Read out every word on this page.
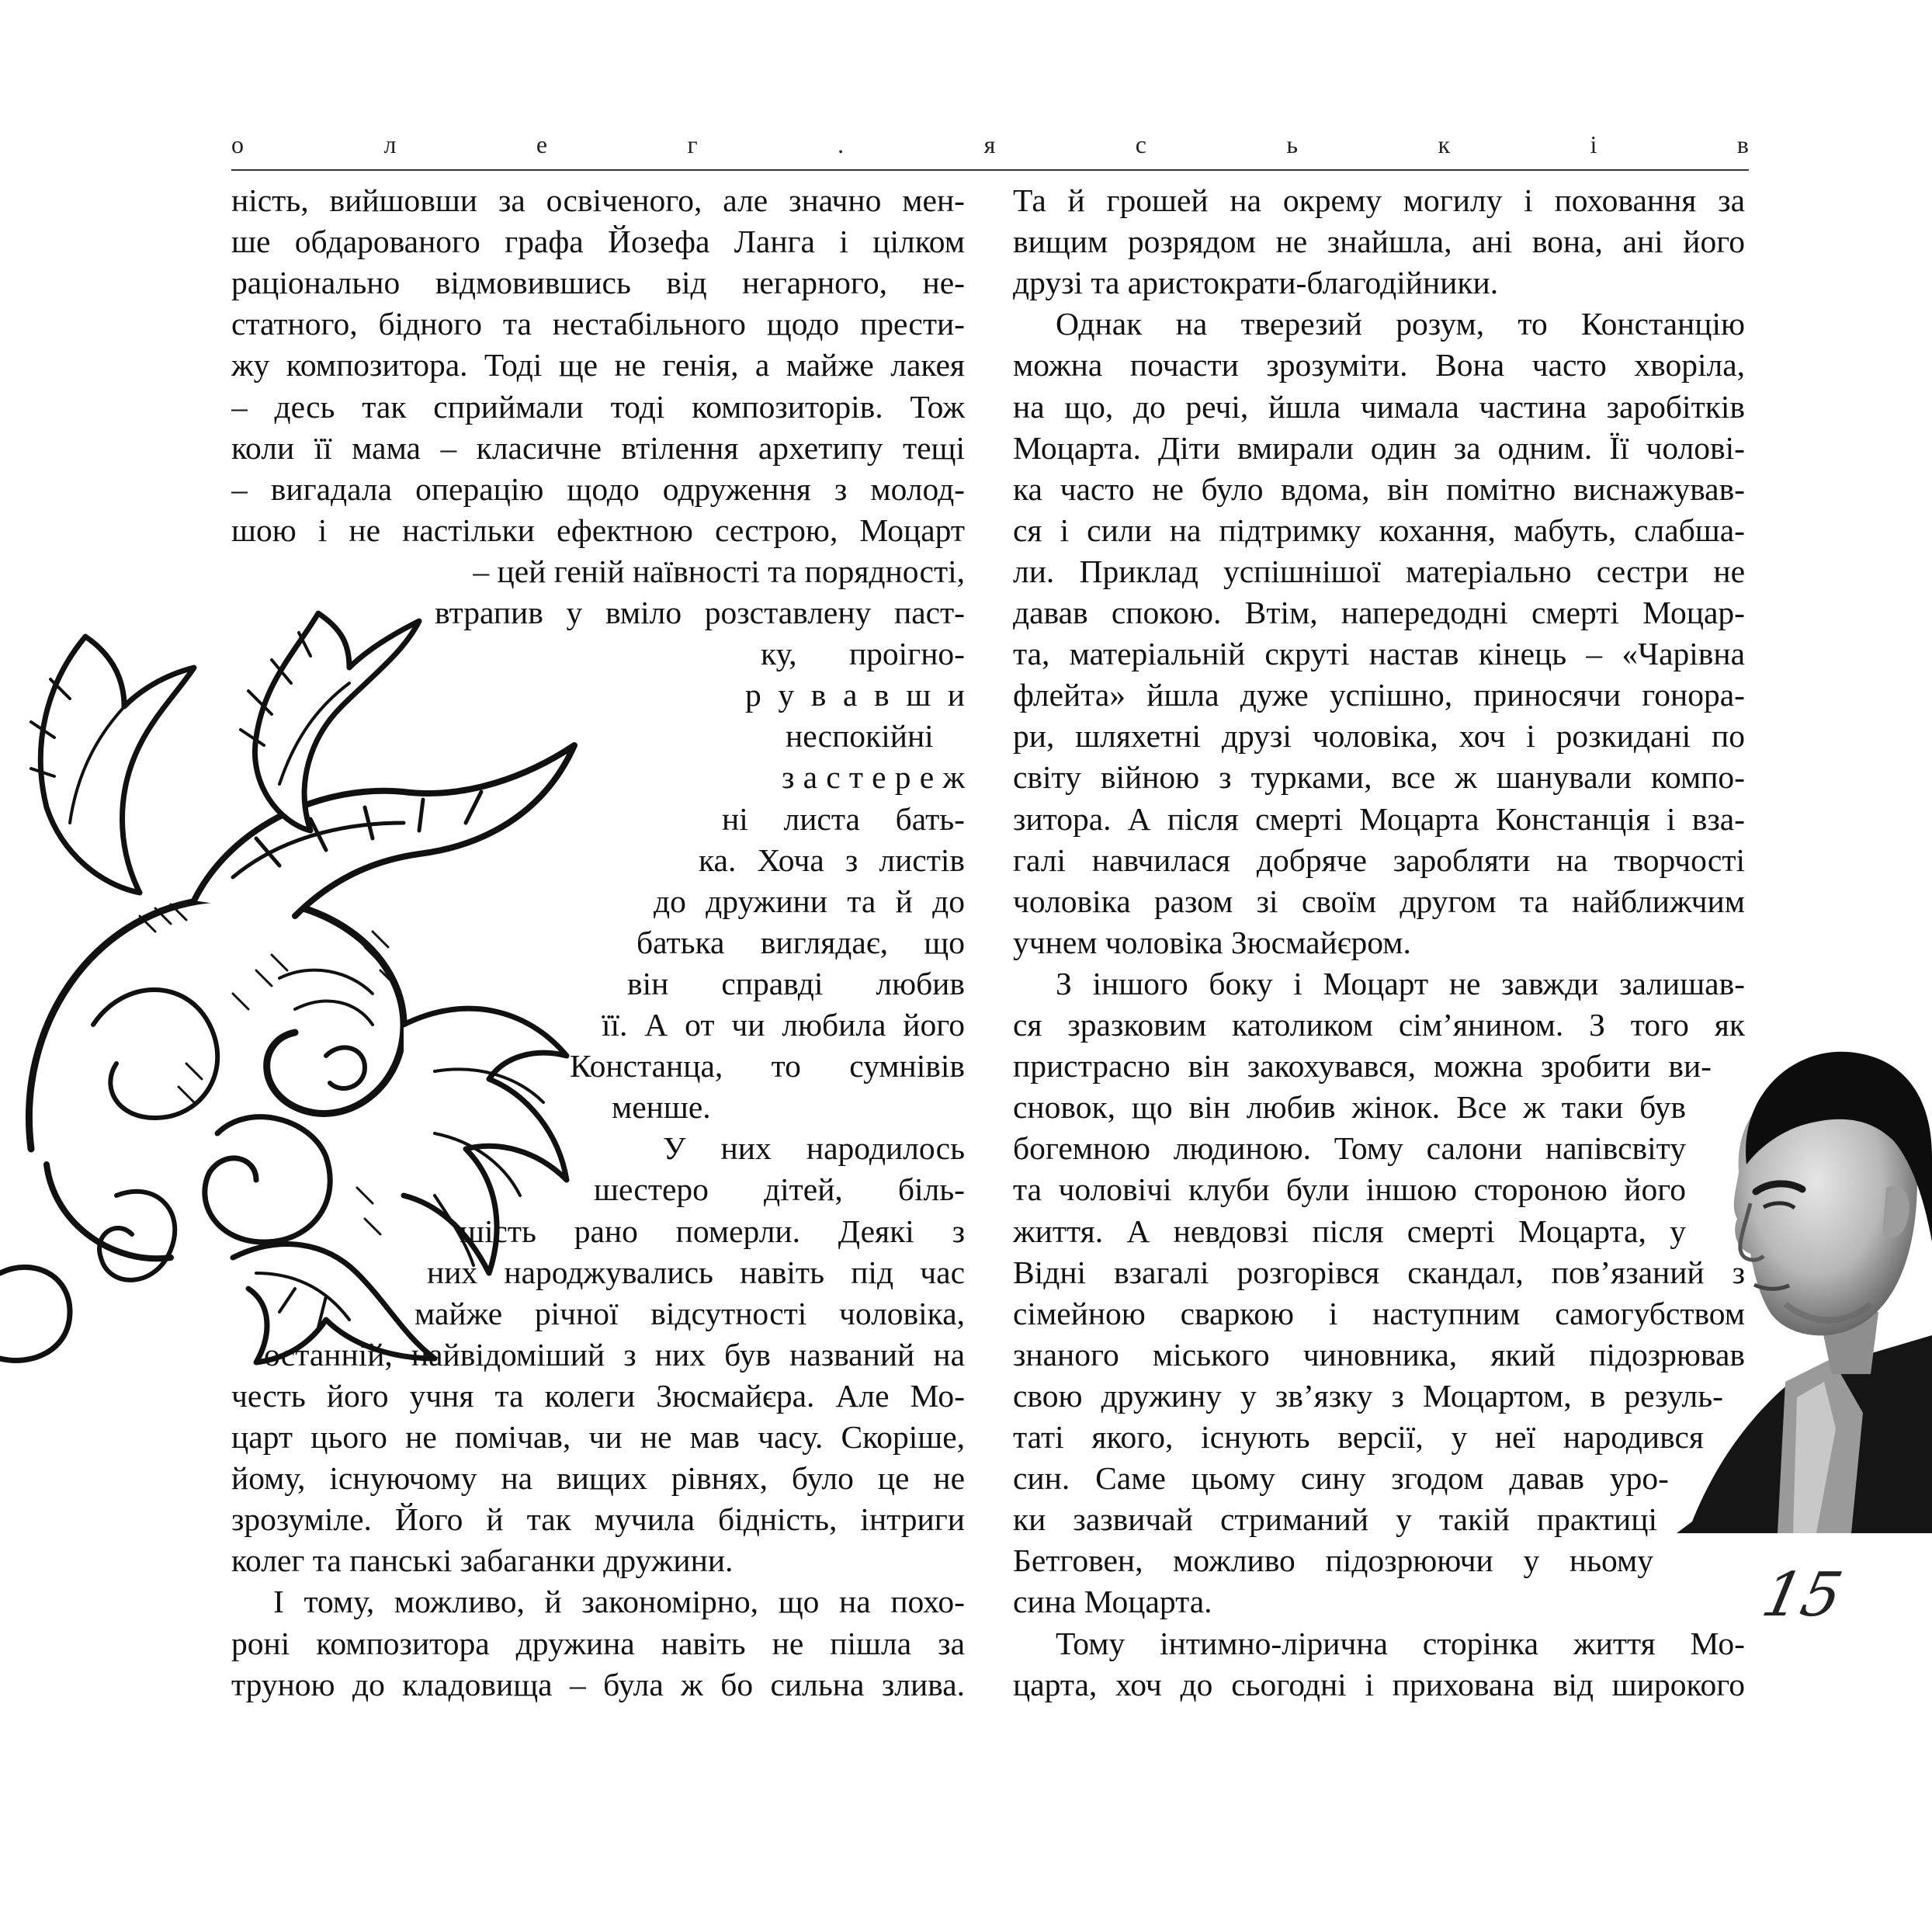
о	л	е	г	.	я	с	ь	к	і	в
ність, вийшовши за освіченого, але значно мен-
ше обдарованого графа Йозефа Ланга і цілком
раціонально відмовившись від негарного, не-
статного, бідного та нестабільного щодо прести-
жу композитора. Тоді ще не генія, а майже лакея
– десь так сприймали тоді композиторів. Тож
коли її мама – класичне втілення архетипу тещі
– вигадала операцію щодо одруження з молод-
шою і не настільки ефектною сестрою, Моцарт
– цей геній наївності та порядності,
втрапив у вміло розставлену паст-
ку, проігно-
р у в а в ш и
неспокійні
з а с т е р е ж
ні листа бать-
ка. Хоча з листів
до дружини та й до
батька виглядає, що
він справді любив
її. А от чи любила його
Констанца, то сумнівів
менше.
У них народилось
шестеро дітей, біль-
шість рано померли. Деякі з
них народжувались навіть під час
майже річної відсутності чоловіка,
останній, найвідоміший з них був названий на
честь його учня та колеги Зюсмайєра. Але Мо-
царт цього не помічав, чи не мав часу. Скоріше,
йому, існуючому на вищих рівнях, було це не
зрозуміле. Його й так мучила бідність, інтриги
колег та панські забаганки дружини.
І тому, можливо, й закономірно, що на похо-
роні композитора дружина навіть не пішла за
труною до кладовища – була ж бо сильна злива.
Та й грошей на окрему могилу і поховання за
вищим розрядом не знайшла, ані вона, ані його
друзі та аристократи-благодійники.
Однак на тверезий розум, то Констанцію
можна почасти зрозуміти. Вона часто хворіла,
на що, до речі, йшла чимала частина заробітків
Моцарта. Діти вмирали один за одним. Її чолові-
ка часто не було вдома, він помітно виснажував-
ся і сили на підтримку кохання, мабуть, слабша-
ли. Приклад успішнішої матеріально сестри не
давав спокою. Втім, напередодні смерті Моцар-
та, матеріальній скруті настав кінець – «Чарівна
флейта» йшла дуже успішно, приносячи гонора-
ри, шляхетні друзі чоловіка, хоч і розкидані по
світу війною з турками, все ж шанували компо-
зитора. А після смерті Моцарта Констанція і вза-
галі навчилася добряче заробляти на творчості
чоловіка разом зі своїм другом та найближчим
учнем чоловіка Зюсмайєром.
З іншого боку і Моцарт не завжди залишав-
ся зразковим католиком сім’янином. З того як
пристрасно він закохувався, можна зробити ви-
сновок, що він любив жінок. Все ж таки був
богемною людиною. Тому салони напівсвіту
та чоловічі клуби були іншою стороною його
життя. А невдовзі після смерті Моцарта, у
Відні взагалі розгорівся скандал, пов’язаний з
сімейною сваркою і наступним самогубством
знаного міського чиновника, який підозрював
свою дружину у зв’язку з Моцартом, в резуль-
таті якого, існують версії, у неї народився
син. Саме цьому сину згодом давав уро-
ки зазвичай стриманий у такій практиці
Бетговен, можливо підозрюючи у ньому
сина Моцарта.
Тому інтимно-лірична сторінка життя Мо-
царта, хоч до сьогодні і прихована від широкого
15
